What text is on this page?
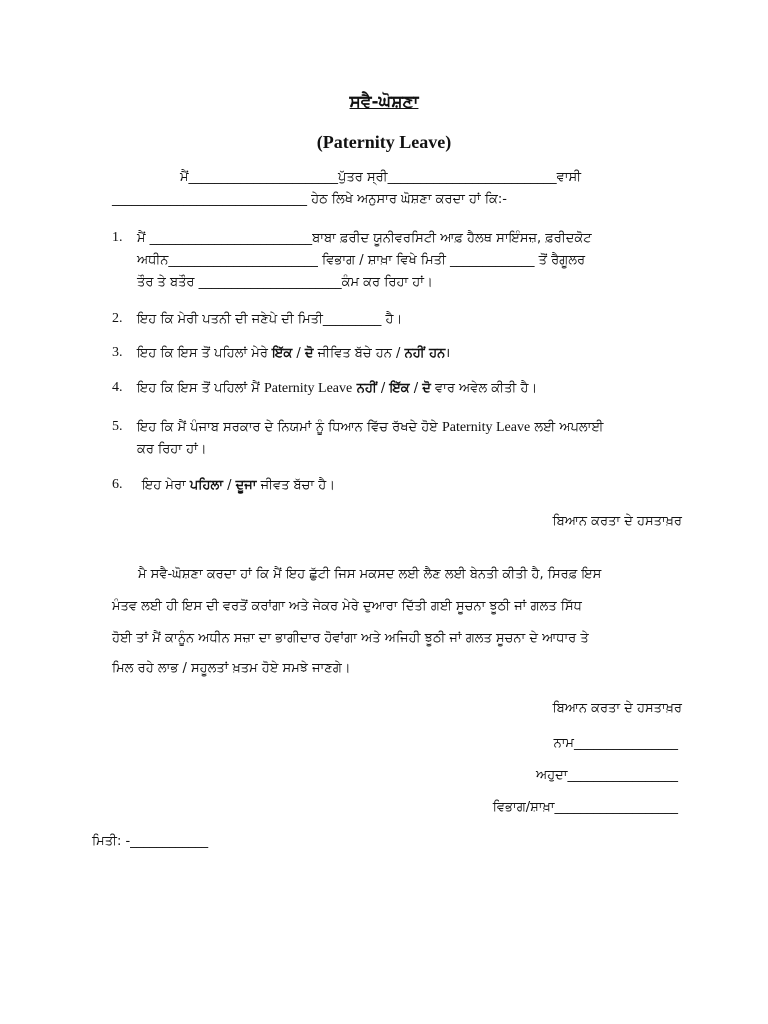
ਸਵੈ-ਘੋਸ਼ਣਾ
(Paternity Leave)
ਮੈਂ_______________________ਪੁੱਤਰ ਸ੍ਰੀ__________________________ਵਾਸੀ
______________________________ ਹੇਠ ਲਿਖੇ ਅਨੁਸਾਰ ਘੋਸ਼ਣਾ ਕਰਦਾ ਹਾਂ ਕਿ:-
1. ਮੈਂ _________________________ਬਾਬਾ ਫ਼ਰੀਦ ਯੂਨੀਵਰਸਿਟੀ ਆਫ਼ ਹੈਲਥ ਸਾਇੰਸਜ਼, ਫ਼ਰੀਦਕੋਟ
ਅਧੀਨ_______________________ ਵਿਭਾਗ / ਸ਼ਾਖ਼ਾ ਵਿਖੇ ਮਿਤੀ _____________ ਤੋਂ ਰੈਗੂਲਰ
ਤੌਰ ਤੇ ਬਤੌਰ ______________________ਕੰਮ ਕਰ ਰਿਹਾ ਹਾਂ।
2. ਇਹ ਕਿ ਮੇਰੀ ਪਤਨੀ ਦੀ ਜਣੇਪੇ ਦੀ ਮਿਤੀ_________ ਹੈ।
3. ਇਹ ਕਿ ਇਸ ਤੋਂ ਪਹਿਲਾਂ ਮੇਰੇ ਇੱਕ / ਦੋ ਜੀਵਿਤ ਬੱਚੇ ਹਨ / ਨਹੀਂ ਹਨ।
4. ਇਹ ਕਿ ਇਸ ਤੋਂ ਪਹਿਲਾਂ ਮੈਂ Paternity Leave ਨਹੀਂ / ਇੱਕ / ਦੋ ਵਾਰ ਅਵੇਲ ਕੀਤੀ ਹੈ।
5. ਇਹ ਕਿ ਮੈਂ ਪੰਜਾਬ ਸਰਕਾਰ ਦੇ ਨਿਯਮਾਂ ਨੂੰ ਧਿਆਨ ਵਿੱਚ ਰੱਖਦੇ ਹੋਏ Paternity Leave ਲਈ ਅਪਲਾਈ
ਕਰ ਰਿਹਾ ਹਾਂ।
6. ਇਹ ਮੇਰਾ ਪਹਿਲਾ / ਦੂਜਾ ਜੀਵਤ ਬੱਚਾ ਹੈ।
ਬਿਆਨ ਕਰਤਾ ਦੇ ਹਸਤਾਖ਼ਰ
ਮੈ ਸਵੈ-ਘੋਸ਼ਣਾ ਕਰਦਾ ਹਾਂ ਕਿ ਮੈਂ ਇਹ ਛੁੱਟੀ ਜਿਸ ਮਕਸਦ ਲਈ ਲੈਣ ਲਈ ਬੇਨਤੀ ਕੀਤੀ ਹੈ, ਸਿਰਫ਼ ਇਸ
ਮੰਤਵ ਲਈ ਹੀ ਇਸ ਦੀ ਵਰਤੋਂ ਕਰਾਂਗਾ ਅਤੇ ਜੇਕਰ ਮੇਰੇ ਦੁਆਰਾ ਦਿੱਤੀ ਗਈ ਸੂਚਨਾ ਝੂਠੀ ਜਾਂ ਗਲਤ ਸਿੱਧ
ਹੋਈ ਤਾਂ ਮੈਂ ਕਾਨੂੰਨ ਅਧੀਨ ਸਜ਼ਾ ਦਾ ਭਾਗੀਦਾਰ ਹੋਵਾਂਗਾ ਅਤੇ ਅਜਿਹੀ ਝੂਠੀ ਜਾਂ ਗਲਤ ਸੂਚਨਾ ਦੇ ਆਧਾਰ ਤੇ
ਮਿਲ ਰਹੇ ਲਾਭ / ਸਹੂਲਤਾਂ ਖ਼ਤਮ ਹੋਏ ਸਮਝੇ ਜਾਣਗੇ।
ਬਿਆਨ ਕਰਤਾ ਦੇ ਹਸਤਾਖ਼ਰ
ਨਾਮ________________
ਅਹੁਦਾ_________________
ਵਿਭਾਗ/ਸ਼ਾਖ਼ਾ___________________
ਮਿਤੀ: -____________
